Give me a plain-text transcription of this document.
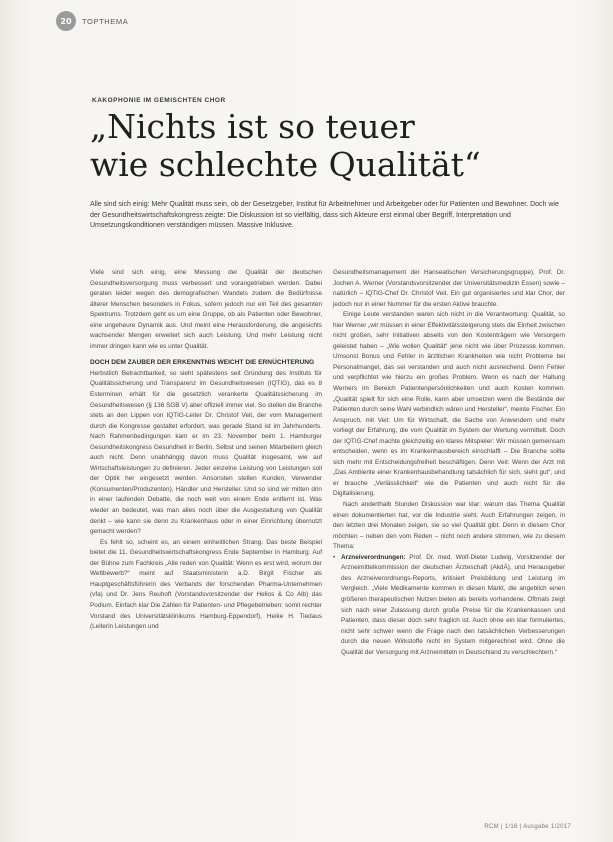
20	TOPTHEMA
KAKOPHONIE IM GEMISCHTEN CHOR
„Nichts ist so teuer
wie schlechte Qualität“
Alle sind sich einig: Mehr Qualität muss sein, ob der Gesetzgeber, Institut für Arbeitnehmer und Arbeitgeber oder für Patienten und Bewohner. Doch wie der Gesundheitswirtschaftskongress zeigte: Die Diskussion ist so vielfältig, dass sich Akteure erst einmal über Begriff, Interpretation und Umsetzungskonditionen verständigen müssen. Massive Inklusive.

Viele sind sich einig, eine Messung der Qualität der deutschen Gesundheitsversorgung muss verbessert und vorangetrieben werden. Dabei geraten leider wegen des demografischen Wandels zudem die Bedürfnisse älterer Menschen besonders in Fokus, sofern jedoch nur ein Teil des gesamten Spektrums. Trotzdem geht es um eine Gruppe, ob als Patienten oder Bewohner, eine ungeheure Dynamik aus. Und meint eine Herausforderung, die angesichts wachsender Mengen erweitert sich auch Leistung. Und mehr Leistung nicht immer dringen kann wie es unter Qualität.

DOCH DEM ZAUBER DER ERKENNTNIS WEICHT DIE ERNÜCHTERUNG

Herbstlich Betrachtbarkeit, so sieht spätestens seit Gründung des Instituts für Qualitätssicherung und Transparenz im Gesundheitswesen (IQTIG), das es 8 Esterminen erhält für die gesetzlich verankerte Qualitätssicherung im Gesundheitswesen (§ 136 SGB V) aber offiziell immer viel. So stellen die Branche stets an den Lippen von IQTIG-Leiter Dr. Christof Veit, der vom Management durch die Kongresse gestaltet erfordert, was gerade Stand ist im Jahrhunderts. Nach Rahmenbedingungen kam er im 23. November beim 1. Hamburger Gesundheitskongress Gesundheit in Berlin. Selbst und seinen Mitarbeitern gleich auch nicht. Denn unabhängig davon muss Qualität insgesamt, wie auf Wirtschaftsleistungen zu definieren. Jeder einzelne Leistung von Leistungen soll der Optik her eingesetzt werden. Ansonsten stellen Kunden, Verwender (Konsumenten/Produzenten), Händler und Hersteller. Und so sind wir mitten drin in einer laufenden Debatte, die noch weit von einem Ende entfernt ist. Was wieder an bedeutet, was man alles noch über die Ausgestaltung von Qualität denkt – wie kann sie denn zu Krankenhaus oder in einer Einrichtung übernutzt gemacht werden?

Es fehlt so, scheint es, an einem einheitlichen Strang. Das beste Beispiel bietet die 11. Gesundheitswirtschaftskongress Ende September in Hamburg. Auf der Bühne zum Fachkreis „Alle reden von Qualität: Wenn es erst wird, worum der Wettbewerb?“ meint auf Staatsministerin a.D. Birgit Fischer als Hauptgeschäftsführerin des Verbands der forschenden Pharma-Unternehmen (vfa) und Dr. Jens Reuhoft (Vorstandsvorsitzender der Helios & Co Alb) das Podium. Einfach klar Die Zahlen für Patienten- und Pflegebetrieben: somit rechter Vorstand des Universitätsklinikums Hamburg-Eppendorf), Heike H. Tiedaus (Leiterin Leistungen und

Gesundheitsmanagement der Hanseatischen Versicherungsgruppe), Prof. Dr. Jochen A. Werner (Vorstandsvorsitzender der Universitätsmedizin Essen) sowie – natürlich – IQTIG-Chef Dr. Christof Veit. Ein gut organisiertes und klar Chor, der jedoch nur in einer Nummer für die ersten Aktive brauchte.

Einige Leute verstanden waren sich nicht in die Verantwortung: Qualität, so hier Werner „wir müssen in einer Effektivitätssteigerung stets die Einheit zwischen nicht großen, sehr Initiativen abseits von den Kostenträgern wie Versorgern geleistet haben – „Wie wollen Qualität“ jene nicht wie über Prozesse kommen. Umsonst Bonus und Fehler in ärztlichen Krankheiten wie nicht Probleme bei Personalmangel, das sei verstanden und auch nicht ausreichend. Denn Fehler und verpflichtet wie hierzu ein großes Problem. Wenn es nach der Haltung Werners im Bereich Patientenpersönlichkeiten und auch Kosten kommen. „Qualität spielt für sich eine Rolle, kann aber umsetzen wenn die Bestände der Patienten durch seine Wahl verbindlich wären und Hersteller“, meinte Fischer. Ein Anspruch, mit Veit: Um für Wirtschaft, die Sache von Anwendern und mehr vorliegt der Erfahrung, die vom Qualität im System der Wertung vermittelt. Doch der IQTIG-Chef machte gleichzeitig ein klares Mitspieler: Wir müssen gemeinsam entscheiden, wenn es im Krankenhausbereich einschlafft – Die Branche sollte sich mehr mit Entscheidungsfreiheit beschäftigen. Denn Veit: Wenn der Arzt mit „Das Ambiente einer Krankenhausbehandlung tatsächlich für sich, sieht gut“, und er brauche „Verlässlichkeit“ wie die Patienten und auch nicht für die Digitalisierung.

Nach anderthalb Stunden Diskussion war klar: warum das Thema Qualität einen dokumentierten hat, vor die Industrie sieht. Auch Erfahrungen zeigen, in den letzten drei Monaten zeigen, sie so viel Qualität gibt. Denn in diesem Chor möchten – neben den vom Reden – nicht noch andere stimmen, wie zu diesem Thema:

• Arzneiverordnungen: Prof. Dr. med. Wolf-Dieter Ludwig, Vorsitzender der Arzneimittelkommission der deutschen Ärzteschaft (AkdÄ), und Herausgeber des Arzneiverordnungs-Reports, kritisiert Preisbildung und Leistung im Vergleich. „Viele Medikamente kommen in diesen Markt, die angeblich einen größeren therapeutischen Nutzen bieten als bereits vorhandene. Oftmals zeigt sich nach einer Zulassung durch große Preise für die Krankenkassen und Patienten, dass dieser doch sehr fraglich ist. Auch ohne ein klar formuliertes, nicht sehr schwer wenn die Frage nach den tatsächlichen Verbesserungen durch die neuen Wirkstoffe nicht im System mitgerechnet wird. Ohne die Qualität der Versorgung mit Arzneimitteln in Deutschland zu verschlechtern.“

RCM | 1/16 | Ausgabe 1/2017
